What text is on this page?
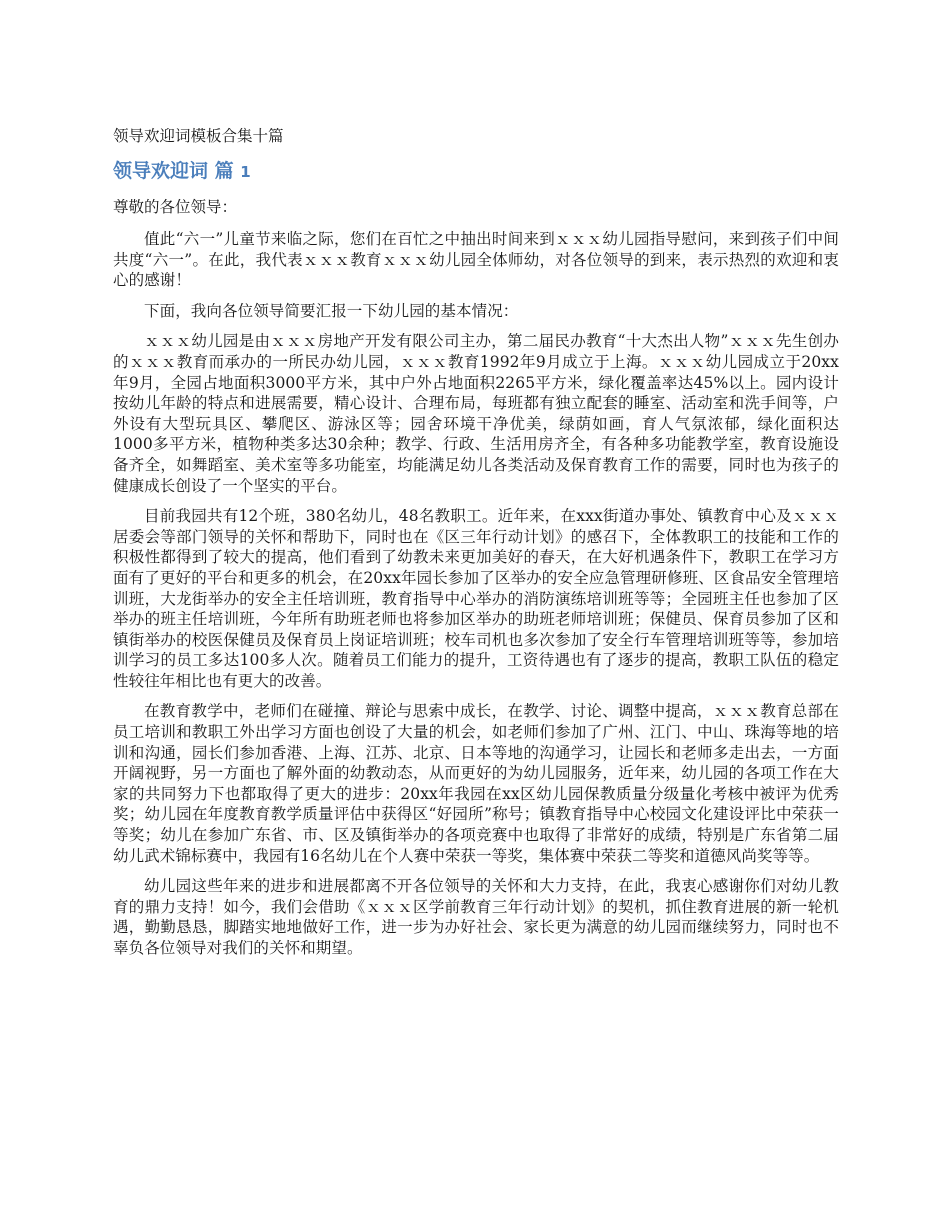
领导欢迎词模板合集十篇
领导欢迎词 篇 1
尊敬的各位领导：

值此“六一”儿童节来临之际，您们在百忙之中抽出时间来到ｘｘｘ幼儿园指导慰问，来到孩子们中间共度“六一”。在此，我代表ｘｘｘ教育ｘｘｘ幼儿园全体师幼，对各位领导的到来，表示热烈的欢迎和衷心的感谢！

下面，我向各位领导简要汇报一下幼儿园的基本情况：

ｘｘｘ幼儿园是由ｘｘｘ房地产开发有限公司主办，第二届民办教育“十大杰出人物”ｘｘｘ先生创办的ｘｘｘ教育而承办的一所民办幼儿园，ｘｘｘ教育1992年9月成立于上海。ｘｘｘ幼儿园成立于20xx年9月，全园占地面积3000平方米，其中户外占地面积2265平方米，绿化覆盖率达45%以上。园内设计按幼儿年龄的特点和进展需要，精心设计、合理布局，每班都有独立配套的睡室、活动室和洗手间等，户外设有大型玩具区、攀爬区、游泳区等；园舍环境干净优美，绿荫如画，育人气氛浓郁，绿化面积达1000多平方米，植物种类多达30余种；教学、行政、生活用房齐全，有各种多功能教学室，教育设施设备齐全，如舞蹈室、美术室等多功能室，均能满足幼儿各类活动及保育教育工作的需要，同时也为孩子的健康成长创设了一个坚实的平台。

目前我园共有12个班，380名幼儿，48名教职工。近年来，在xxx街道办事处、镇教育中心及ｘｘｘ居委会等部门领导的关怀和帮助下，同时也在《区三年行动计划》的感召下，全体教职工的技能和工作的积极性都得到了较大的提高，他们看到了幼教未来更加美好的春天，在大好机遇条件下，教职工在学习方面有了更好的平台和更多的机会，在20xx年园长参加了区举办的安全应急管理研修班、区食品安全管理培训班，大龙街举办的安全主任培训班，教育指导中心举办的消防演练培训班等等；全园班主任也参加了区举办的班主任培训班，今年所有助班老师也将参加区举办的助班老师培训班；保健员、保育员参加了区和镇街举办的校医保健员及保育员上岗证培训班；校车司机也多次参加了安全行车管理培训班等等，参加培训学习的员工多达100多人次。随着员工们能力的提升，工资待遇也有了逐步的提高，教职工队伍的稳定性较往年相比也有更大的改善。

在教育教学中，老师们在碰撞、辩论与思索中成长，在教学、讨论、调整中提高，ｘｘｘ教育总部在员工培训和教职工外出学习方面也创设了大量的机会，如老师们参加了广州、江门、中山、珠海等地的培训和沟通，园长们参加香港、上海、江苏、北京、日本等地的沟通学习，让园长和老师多走出去，一方面开阔视野，另一方面也了解外面的幼教动态，从而更好的为幼儿园服务，近年来，幼儿园的各项工作在大家的共同努力下也都取得了更大的进步：20xx年我园在xx区幼儿园保教质量分级量化考核中被评为优秀奖；幼儿园在年度教育教学质量评估中获得区“好园所”称号；镇教育指导中心校园文化建设评比中荣获一等奖；幼儿在参加广东省、市、区及镇街举办的各项竞赛中也取得了非常好的成绩，特别是广东省第二届幼儿武术锦标赛中，我园有16名幼儿在个人赛中荣获一等奖，集体赛中荣获二等奖和道德风尚奖等等。

幼儿园这些年来的进步和进展都离不开各位领导的关怀和大力支持，在此，我衷心感谢你们对幼儿教育的鼎力支持！如今，我们会借助《ｘｘｘ区学前教育三年行动计划》的契机，抓住教育进展的新一轮机遇，勤勤恳恳，脚踏实地地做好工作，进一步为办好社会、家长更为满意的幼儿园而继续努力，同时也不辜负各位领导对我们的关怀和期望。
